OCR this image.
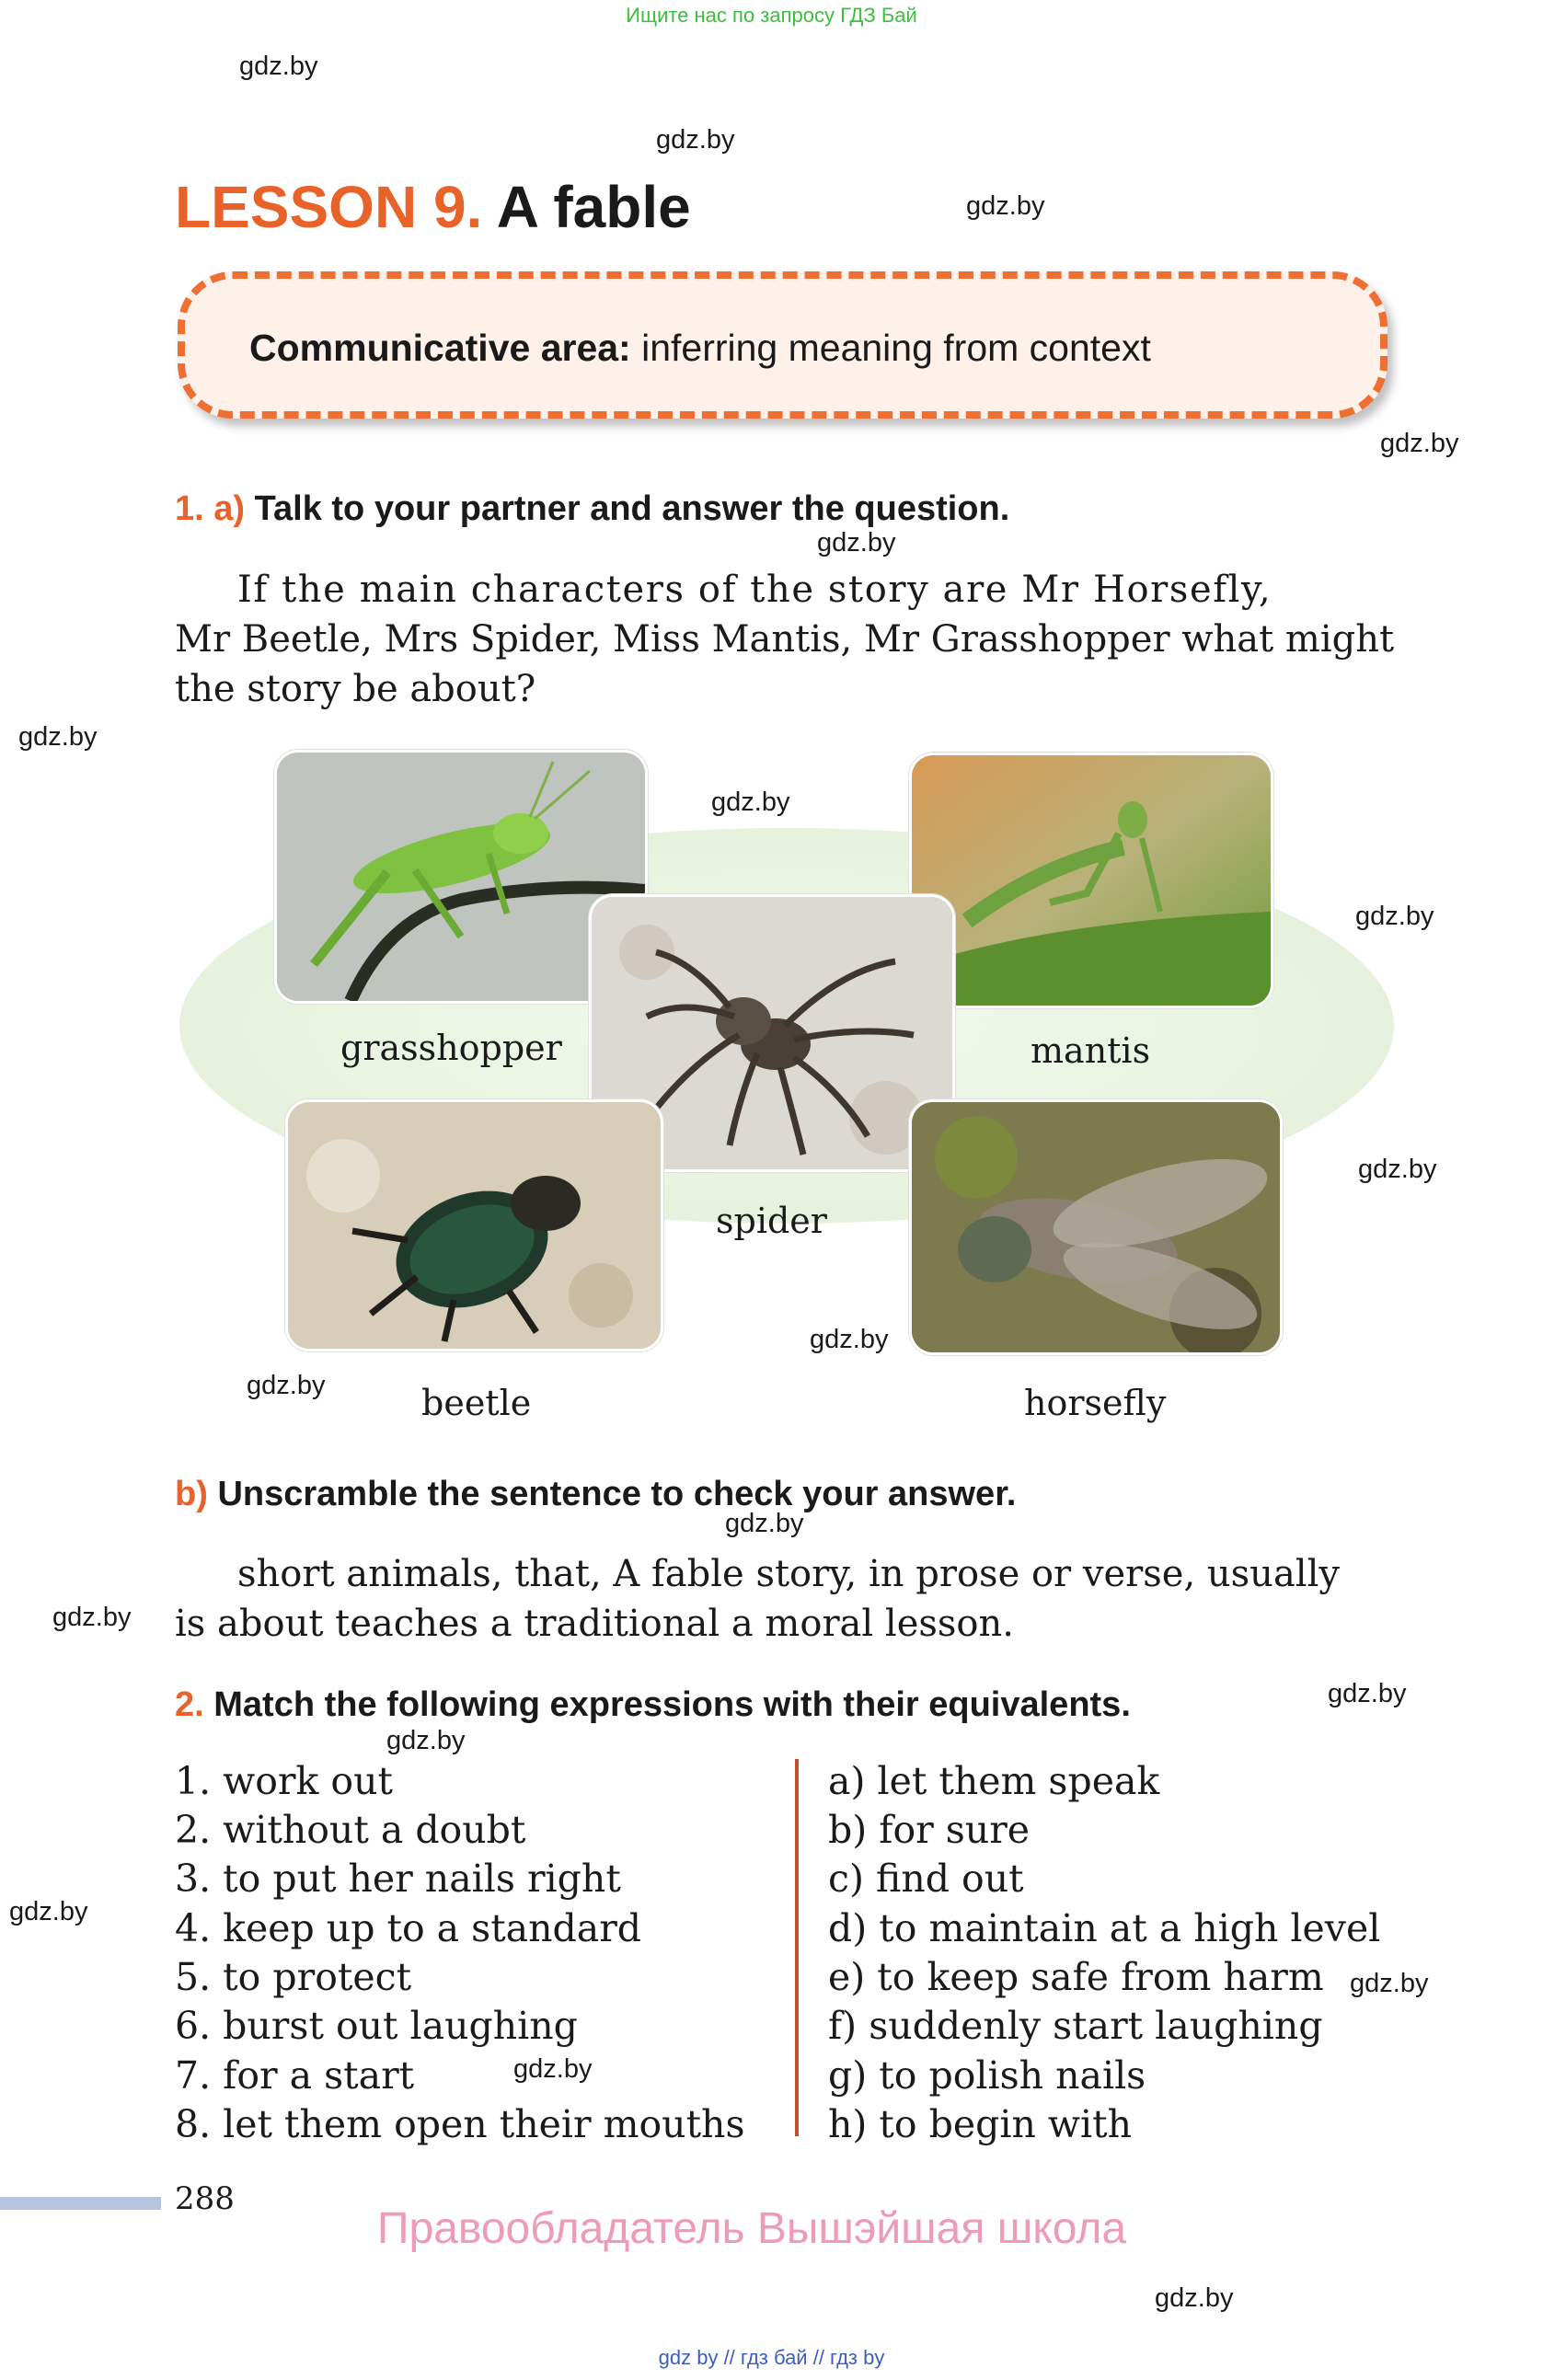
Ищите нас по запросу ГДЗ Бай
gdz.by
gdz.by
gdz.by
gdz.by
gdz.by
gdz.by
gdz.by
gdz.by
gdz.by
gdz.by
gdz.by
gdz.by
gdz.by
gdz.by
gdz.by
gdz.by
gdz.by
gdz.by
gdz.by
LESSON 9. A fable
Communicative area: inferring meaning from context
1. a) Talk to your partner and answer the question.
If the main characters of the story are Mr Horsefly,
Mr Beetle, Mrs Spider, Miss Mantis, Mr Grasshopper what might
the story be about?
grasshopper	mantis
spider
beetle	horsefly
b) Unscramble the sentence to check your answer.
short animals, that, A fable story, in prose or verse, usually
is about teaches a traditional a moral lesson.
2. Match the following expressions with their equivalents.
1. work out
2. without a doubt
3. to put her nails right
4. keep up to a standard
5. to protect
6. burst out laughing
7. for a start
8. let them open their mouths
a) let them speak
b) for sure
c) find out
d) to maintain at a high level
e) to keep safe from harm
f) suddenly start laughing
g) to polish nails
h) to begin with
288
Правообладатель Вышэйшая школа
gdz by // гдз бай // гдз by
